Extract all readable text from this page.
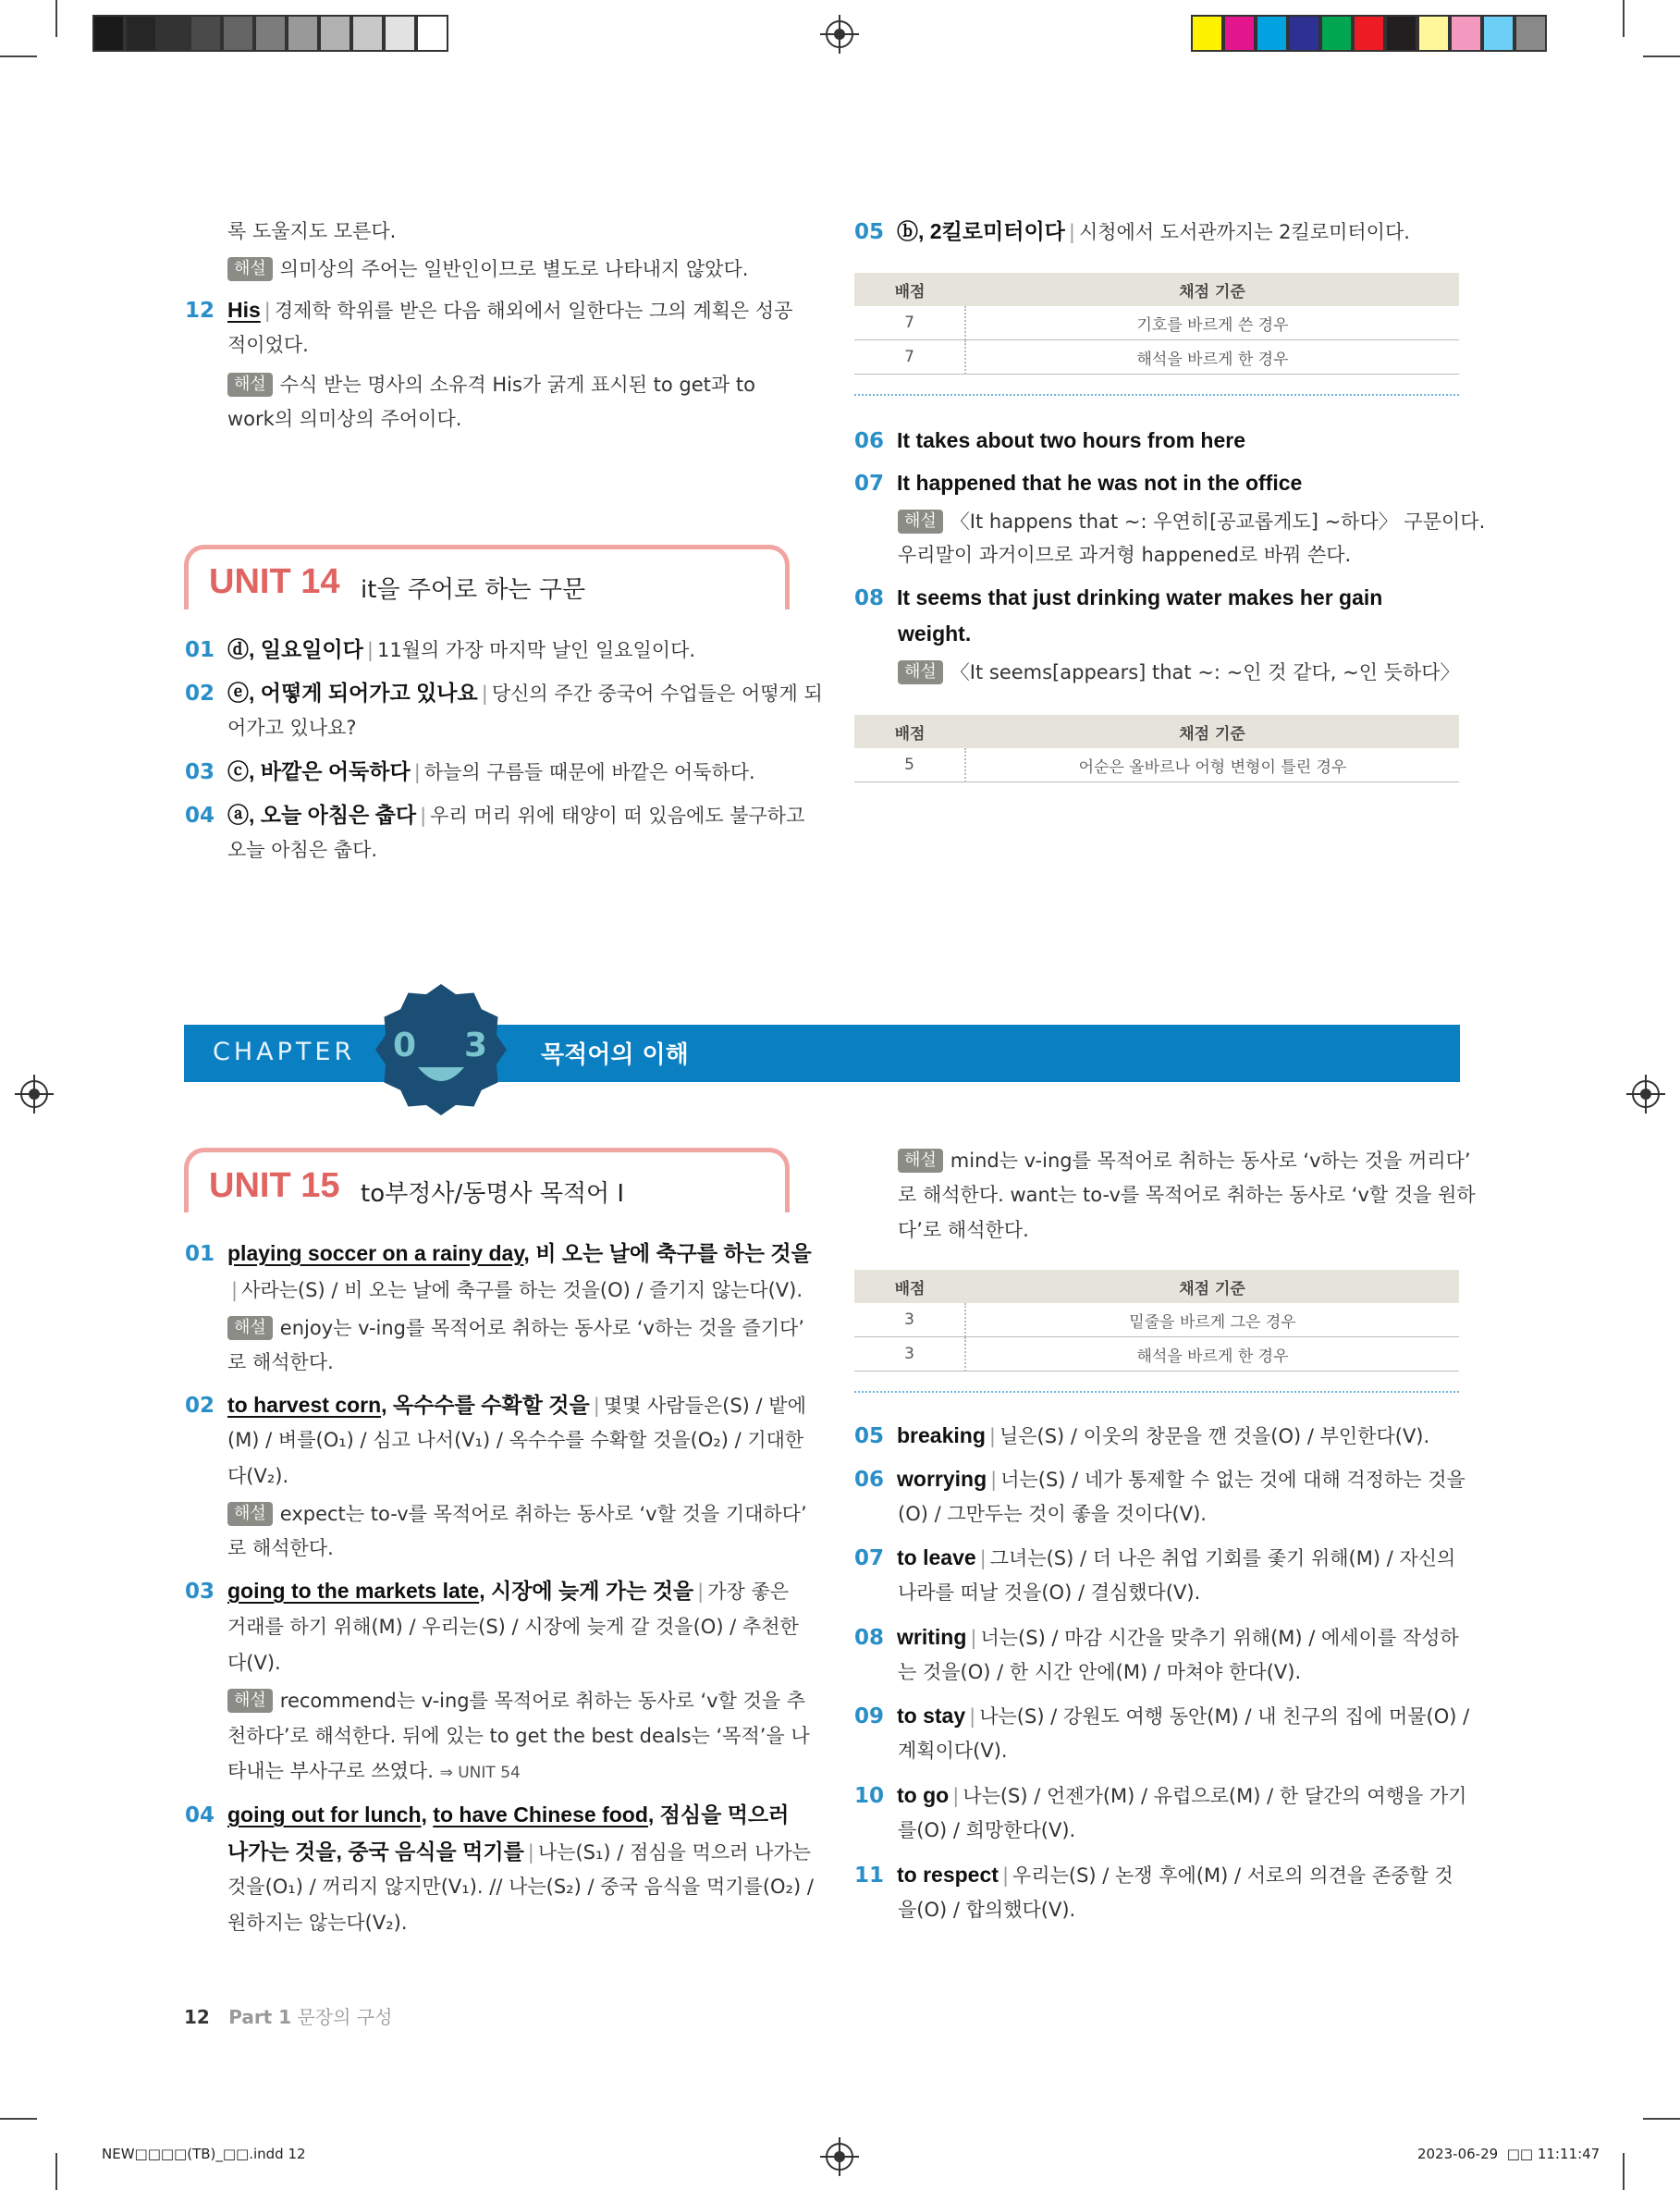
록 도울지도 모른다.
해설 의미상의 주어는 일반인이므로 별도로 나타내지 않았다.
12 His | 경제학 학위를 받은 다음 해외에서 일한다는 그의 계획은 성공
적이었다.
해설 수식 받는 명사의 소유격 His가 굵게 표시된 to get과 to
work의 의미상의 주어이다.
UNIT 14 it을 주어로 하는 구문
01 ⓓ, 일요일이다 | 11월의 가장 마지막 날인 일요일이다.
02 ⓔ, 어떻게 되어가고 있나요 | 당신의 주간 중국어 수업들은 어떻게 되
어가고 있나요?
03 ⓒ, 바깥은 어둑하다 | 하늘의 구름들 때문에 바깥은 어둑하다.
04 ⓐ, 오늘 아침은 춥다 | 우리 머리 위에 태양이 떠 있음에도 불구하고
오늘 아침은 춥다.
05 ⓑ, 2킬로미터이다 | 시청에서 도서관까지는 2킬로미터이다.
배점	채점 기준
7	기호를 바르게 쓴 경우
7	해석을 바르게 한 경우
06 It takes about two hours from here
07 It happened that he was not in the office
해설 〈It happens that ~: 우연히[공교롭게도] ~하다〉 구문이다.
우리말이 과거이므로 과거형 happened로 바꿔 쓴다.
08 It seems that just drinking water makes her gain
weight.
해설 〈It seems[appears] that ~: ~인 것 같다, ~인 듯하다〉
배점	채점 기준
5	어순은 올바르나 어형 변형이 틀린 경우
CHAPTER 0 3 목적어의 이해
UNIT 15 to부정사/동명사 목적어 Ⅰ
01 playing soccer on a rainy day, 비 오는 날에 축구를 하는 것을
| 사라는(S) / 비 오는 날에 축구를 하는 것을(O) / 즐기지 않는다(V).
해설 enjoy는 v-ing를 목적어로 취하는 동사로 ‘v하는 것을 즐기다’
로 해석한다.
02 to harvest corn, 옥수수를 수확할 것을 | 몇몇 사람들은(S) / 밭에
(M) / 벼를(O₁) / 심고 나서(V₁) / 옥수수를 수확할 것을(O₂) / 기대한
다(V₂).
해설 expect는 to-v를 목적어로 취하는 동사로 ‘v할 것을 기대하다’
로 해석한다.
03 going to the markets late, 시장에 늦게 가는 것을 | 가장 좋은
거래를 하기 위해(M) / 우리는(S) / 시장에 늦게 갈 것을(O) / 추천한
다(V).
해설 recommend는 v-ing를 목적어로 취하는 동사로 ‘v할 것을 추
천하다’로 해석한다. 뒤에 있는 to get the best deals는 ‘목적’을 나
타내는 부사구로 쓰였다. ⇒ UNIT 54
04 going out for lunch, to have Chinese food, 점심을 먹으러
나가는 것을, 중국 음식을 먹기를 | 나는(S₁) / 점심을 먹으러 나가는
것을(O₁) / 꺼리지 않지만(V₁). // 나는(S₂) / 중국 음식을 먹기를(O₂) /
원하지는 않는다(V₂).
해설 mind는 v-ing를 목적어로 취하는 동사로 ‘v하는 것을 꺼리다’
로 해석한다. want는 to-v를 목적어로 취하는 동사로 ‘v할 것을 원하
다’로 해석한다.
배점	채점 기준
3	밑줄을 바르게 그은 경우
3	해석을 바르게 한 경우
05 breaking | 닐은(S) / 이웃의 창문을 깬 것을(O) / 부인한다(V).
06 worrying | 너는(S) / 네가 통제할 수 없는 것에 대해 걱정하는 것을
(O) / 그만두는 것이 좋을 것이다(V).
07 to leave | 그녀는(S) / 더 나은 취업 기회를 좇기 위해(M) / 자신의
나라를 떠날 것을(O) / 결심했다(V).
08 writing | 너는(S) / 마감 시간을 맞추기 위해(M) / 에세이를 작성하
는 것을(O) / 한 시간 안에(M) / 마쳐야 한다(V).
09 to stay | 나는(S) / 강원도 여행 동안(M) / 내 친구의 집에 머물(O) /
계획이다(V).
10 to go | 나는(S) / 언젠가(M) / 유럽으로(M) / 한 달간의 여행을 가기
를(O) / 희망한다(V).
11 to respect | 우리는(S) / 논쟁 후에(M) / 서로의 의견을 존중할 것
을(O) / 합의했다(V).
12 Part 1 문장의 구성
NEW□□□□(TB)_□□.indd 12	2023-06-29 □□ 11:11:47
